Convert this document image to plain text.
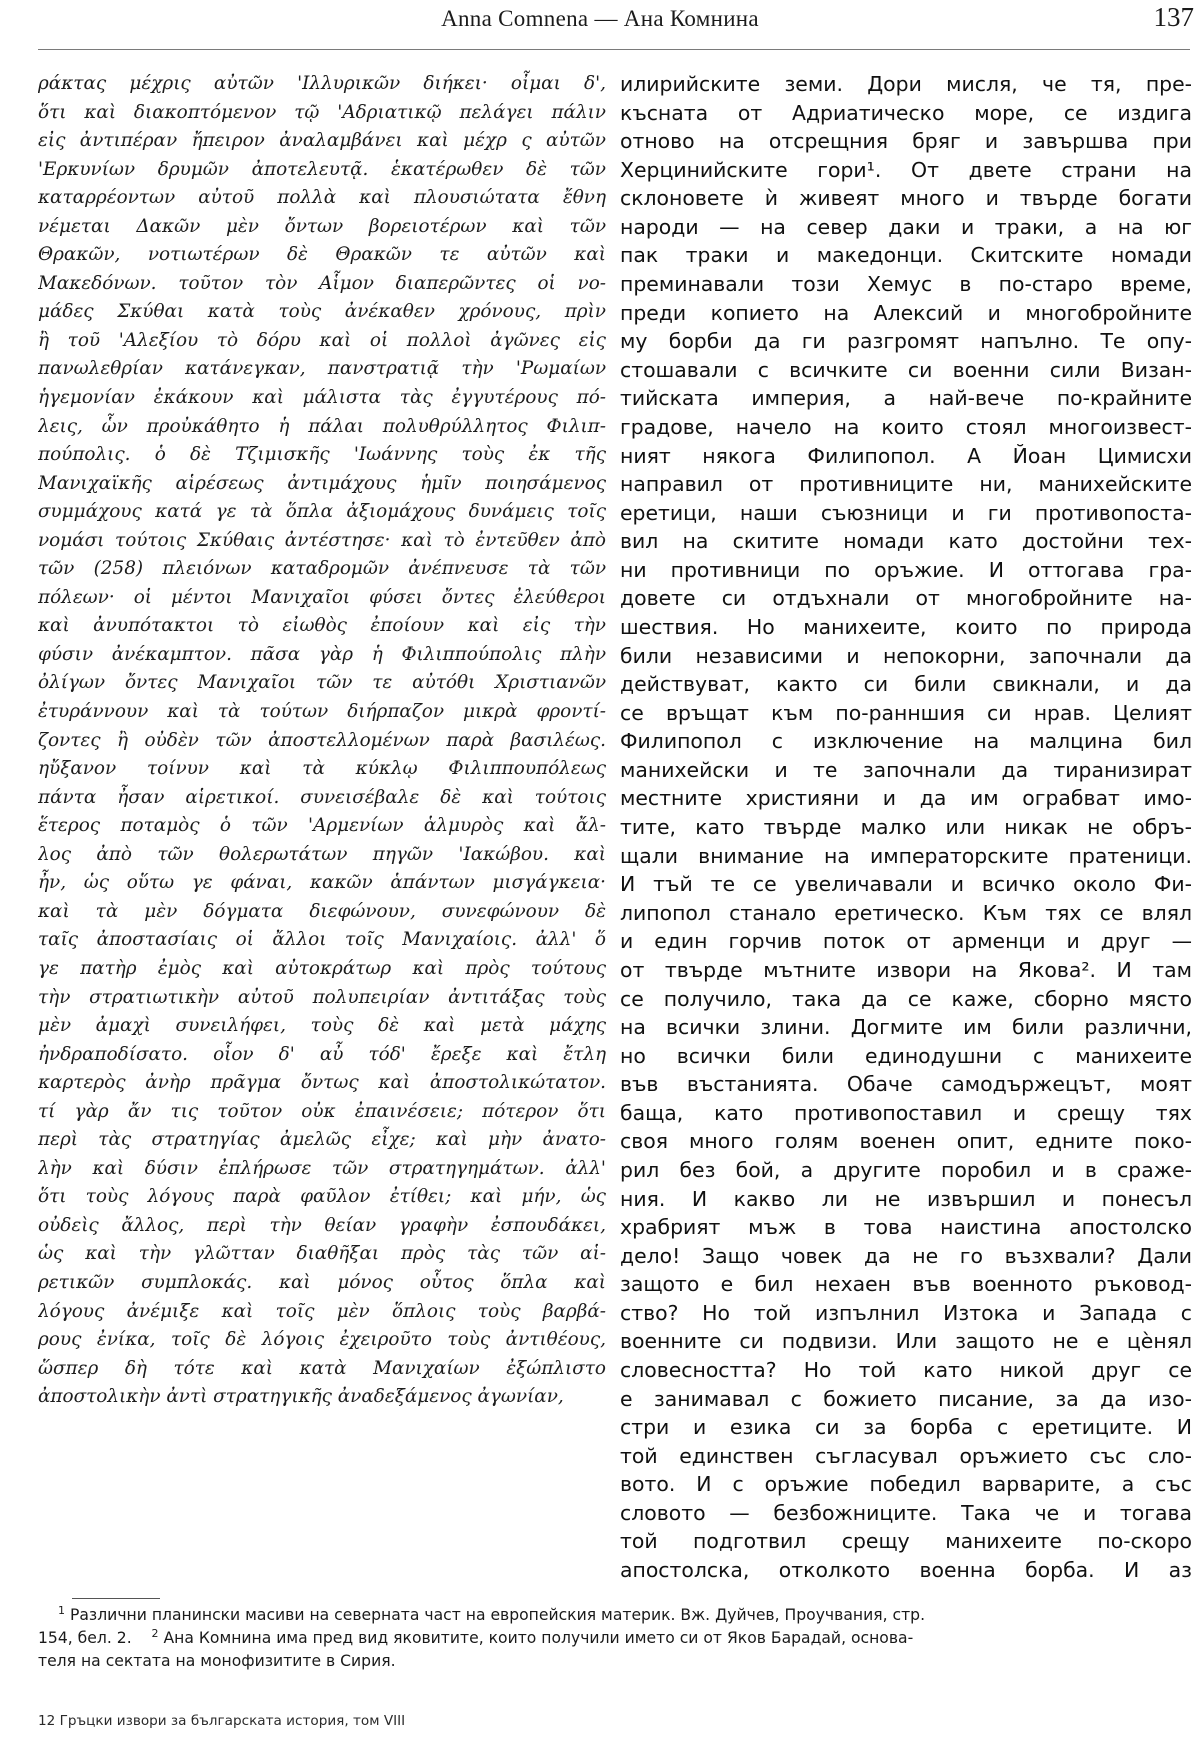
Anna Comnena — Ана Комнина	137
ράκτας μέχρις αὐτῶν 'Ιλλυρικῶν διήκει· οἶμαι δ',
ὅτι καὶ διακοπτόμενον τῷ 'Αδριατικῷ πελάγει πάλιν
εἰς ἀντιπέραν ἤπειρον ἀναλαμβάνει καὶ μέχρ ς αὐτῶν
'Ερκυνίων δρυμῶν ἀποτελευτᾷ. ἑκατέρωθεν δὲ τῶν
καταρρέοντων αὐτοῦ πολλὰ καὶ πλουσιώτατα ἔθνη
νέμεται Δακῶν μὲν ὄντων βορειοτέρων καὶ τῶν
Θρακῶν, νοτιωτέρων δὲ Θρακῶν τε αὐτῶν καὶ
Μακεδόνων. τοῦτον τὸν Αἷμον διαπερῶντες οἱ νο-
μάδες Σκύθαι κατὰ τοὺς ἀνέκαθεν χρόνους, πρὶν
ἢ τοῦ 'Αλεξίου τὸ δόρυ καὶ οἱ πολλοὶ ἀγῶνες εἰς
πανωλεθρίαν κατάνεγκαν, πανστρατιᾷ τὴν 'Ρωμαίων
ἡγεμονίαν ἐκάκουν καὶ μάλιστα τὰς ἐγγυτέρους πό-
λεις, ὧν προὐκάθητο ἡ πάλαι πολυθρύλλητος Φιλιπ-
πούπολις. ὁ δὲ Τζιμισκῆς 'Ιωάννης τοὺς ἐκ τῆς
Μανιχαϊκῆς αἱρέσεως ἀντιμάχους ἡμῖν ποιησάμενος
συμμάχους κατά γε τὰ ὅπλα ἀξιομάχους δυνάμεις τοῖς
νομάσι τούτοις Σκύθαις ἀντέστησε· καὶ τὸ ἐντεῦθεν ἀπὸ
τῶν (258) πλειόνων καταδρομῶν ἀνέπνευσε τὰ τῶν
πόλεων· οἱ μέντοι Μανιχαῖοι φύσει ὄντες ἐλεύθεροι
καὶ ἀνυπότακτοι τὸ εἰωθὸς ἐποίουν καὶ εἰς τὴν
φύσιν ἀνέκαμπτον. πᾶσα γὰρ ἡ Φιλιππούπολις πλὴν
ὀλίγων ὄντες Μανιχαῖοι τῶν τε αὐτόθι Χριστιανῶν
ἐτυράννουν καὶ τὰ τούτων διήρπαζον μικρὰ φροντί-
ζοντες ἢ οὐδὲν τῶν ἀποστελλομένων παρὰ βασιλέως.
ηὔξανον τοίνυν καὶ τὰ κύκλῳ Φιλιππουπόλεως
πάντα ἦσαν αἱρετικοί. συνεισέβαλε δὲ καὶ τούτοις
ἕτερος ποταμὸς ὁ τῶν 'Αρμενίων ἁλμυρὸς καὶ ἄλ-
λος ἀπὸ τῶν θολερωτάτων πηγῶν 'Ιακώβου. καὶ
ἦν, ὡς οὕτω γε φάναι, κακῶν ἁπάντων μισγάγκεια·
καὶ τὰ μὲν δόγματα διεφώνουν, συνεφώνουν δὲ
ταῖς ἀποστασίαις οἱ ἄλλοι τοῖς Μανιχαίοις. ἀλλ' ὅ
γε πατὴρ ἐμὸς καὶ αὐτοκράτωρ καὶ πρὸς τούτους
τὴν στρατιωτικὴν αὐτοῦ πολυπειρίαν ἀντιτάξας τοὺς
μὲν ἀμαχὶ συνειλήφει, τοὺς δὲ καὶ μετὰ μάχης
ἠνδραποδίσατο. οἷον δ' αὖ τόδ' ἔρεξε καὶ ἔτλη
καρτερὸς ἀνὴρ πρᾶγμα ὄντως καὶ ἀποστολικώτατον.
τί γὰρ ἄν τις τοῦτον οὐκ ἐπαινέσειε; πότερον ὅτι
περὶ τὰς στρατηγίας ἀμελῶς εἶχε; καὶ μὴν ἀνατο-
λὴν καὶ δύσιν ἐπλήρωσε τῶν στρατηγημάτων. ἀλλ'
ὅτι τοὺς λόγους παρὰ φαῦλον ἐτίθει; καὶ μήν, ὡς
οὐδεὶς ἄλλος, περὶ τὴν θείαν γραφὴν ἐσπουδάκει,
ὡς καὶ τὴν γλῶτταν διαθῆξαι πρὸς τὰς τῶν αἱ-
ρετικῶν συμπλοκάς. καὶ μόνος οὗτος ὅπλα καὶ
λόγους ἀνέμιξε καὶ τοῖς μὲν ὅπλοις τοὺς βαρβά-
ρους ἐνίκα, τοῖς δὲ λόγοις ἐχειροῦτο τοὺς ἀντιθέους,
ὥσπερ δὴ τότε καὶ κατὰ Μανιχαίων ἐξώπλιστο
ἀποστολικὴν ἀντὶ στρατηγικῆς ἀναδεξάμενος ἀγωνίαν,
илирийските земи. Дори мисля, че тя, пре-
късната от Адриатическо море, се издига
отново на отсрещния бряг и завършва при
Херцинийските гори¹. От двете страни на
склоновете ѝ живеят много и твърде богати
народи — на север даки и траки, а на юг
пак траки и македонци. Скитските номади
преминавали този Хемус в по-старо време,
преди копието на Алексий и многобройните
му борби да ги разгромят напълно. Те опу-
стошавали с всичките си военни сили Визан-
тийската империя, а най-вече по-крайните
градове, начело на които стоял многоизвест-
ният някога Филипопол. А Йоан Цимисхи
направил от противниците ни, манихейските
еретици, наши съюзници и ги противопоста-
вил на скитите номади като достойни тех-
ни противници по оръжие. И оттогава гра-
довете си отдъхнали от многобройните на-
шествия. Но манихеите, които по природа
били независими и непокорни, започнали да
действуват, както си били свикнали, и да
се връщат към по-ранншия си нрав. Целият
Филипопол с изключение на малцина бил
манихейски и те започнали да тиранизират
местните християни и да им ограбват имо-
тите, като твърде малко или никак не обръ-
щали внимание на императорските пратеници.
И тъй те се увеличавали и всичко около Фи-
липопол станало еретическо. Към тях се влял
и един горчив поток от арменци и друг —
от твърде мътните извори на Якова². И там
се получило, така да се каже, сборно място
на всички злини. Догмите им били различни,
но всички били единодушни с манихеите
във въстанията. Обаче самодържецът, моят
баща, като противопоставил и срещу тях
своя много голям военен опит, едните поко-
рил без бой, а другите поробил и в сраже-
ния. И какво ли не извършил и понесъл
храбрият мъж в това наистина апостолско
дело! Защо човек да не го възхвали? Дали
защото е бил нехаен във военното ръковод-
ство? Но той изпълнил Изтока и Запада с
военните си подвизи. Или защото не е цѐнял
словесността? Но той като никой друг се
е занимавал с божието писание, за да изо-
стри и езика си за борба с еретиците. И
той единствен съгласувал оръжието със сло-
вото. И с оръжие победил варварите, а със
словото — безбожниците. Така че и тогава
той подготвил срещу манихеите по-скоро
апостолска, отколкото военна борба. И аз
$^1$ Различни планински масиви на северната част на европейския материк. Вж. Дуйчев, Проучвания, стр.
154, бел. 2. $^2$ Ана Комнина има пред вид яковитите, които получили името си от Яков Барадай, основа-
теля на сектата на монофизитите в Сирия.
12 Гръцки извори за българската история, том VIII
